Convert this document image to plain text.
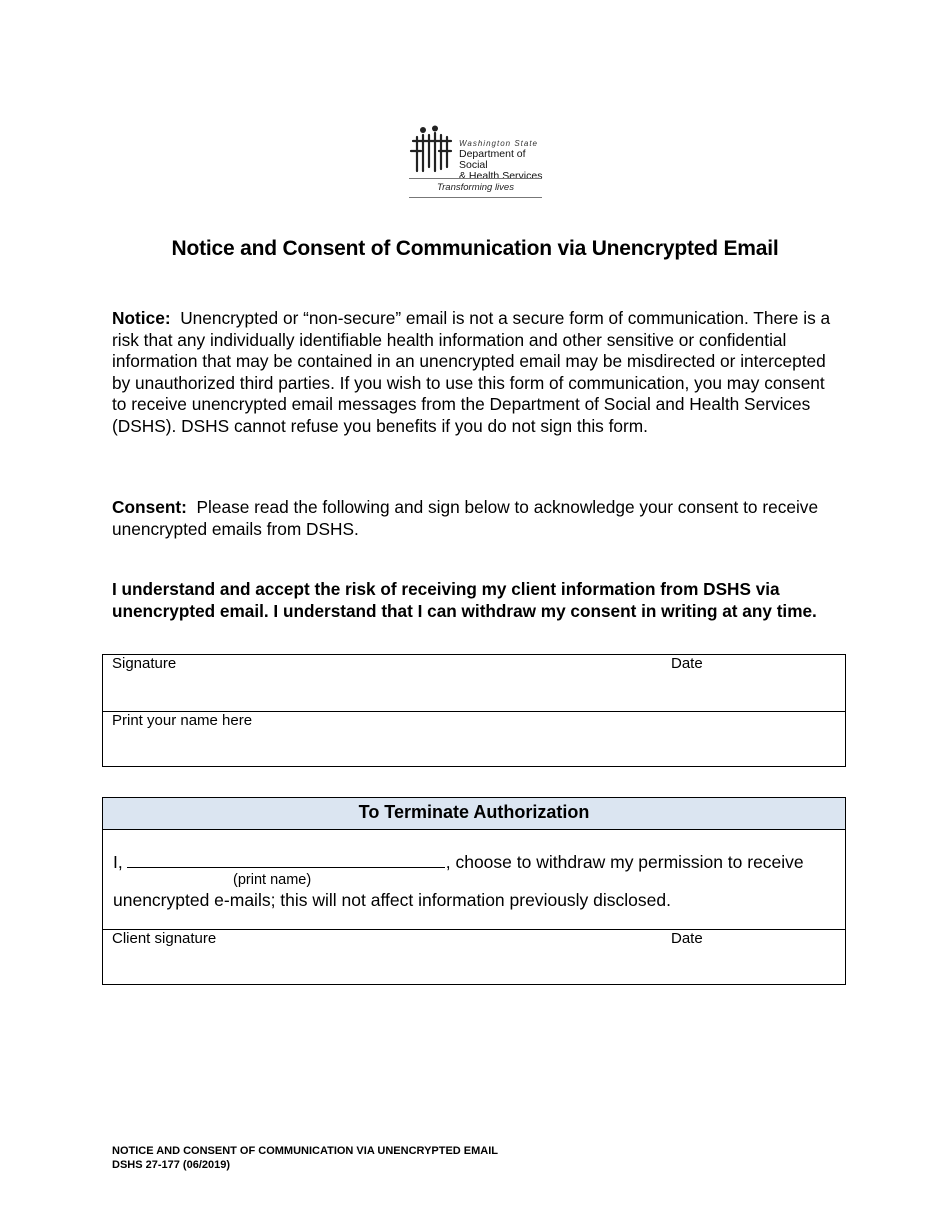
Washington State
Department of Social
& Health Services
Transforming lives
Notice and Consent of Communication via Unencrypted Email
Notice: Unencrypted or “non-secure” email is not a secure form of communication. There is a risk that any individually identifiable health information and other sensitive or confidential information that may be contained in an unencrypted email may be misdirected or intercepted by unauthorized third parties. If you wish to use this form of communication, you may consent to receive unencrypted email messages from the Department of Social and Health Services (DSHS). DSHS cannot refuse you benefits if you do not sign this form.
Consent: Please read the following and sign below to acknowledge your consent to receive unencrypted emails from DSHS.
I understand and accept the risk of receiving my client information from DSHS via unencrypted email. I understand that I can withdraw my consent in writing at any time.
Signature	Date
Print your name here
To Terminate Authorization
I,	, choose to withdraw my permission to receive
(print name)
unencrypted e-mails; this will not affect information previously disclosed.
Client signature	Date
NOTICE AND CONSENT OF COMMUNICATION VIA UNENCRYPTED EMAIL
DSHS 27-177 (06/2019)
